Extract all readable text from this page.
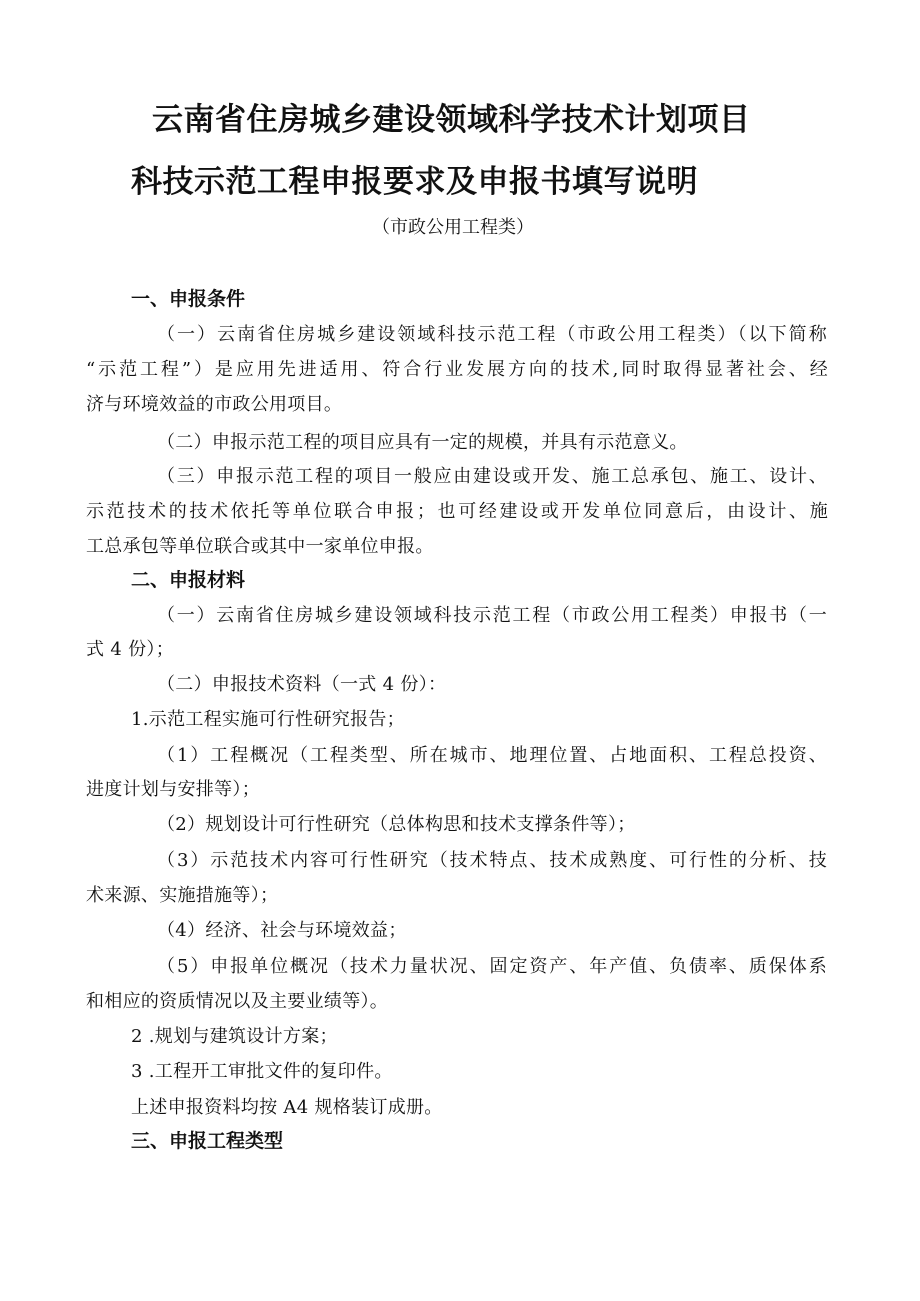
云南省住房城乡建设领域科学技术计划项目
科技示范工程申报要求及申报书填写说明
（市政公用工程类）
一、申报条件
（一）云南省住房城乡建设领域科技示范工程（市政公用工程类）（以下简称
“示范工程”）是应用先进适用、符合行业发展方向的技术,同时取得显著社会、经
济与环境效益的市政公用项目。
（二）申报示范工程的项目应具有一定的规模，并具有示范意义。
（三）申报示范工程的项目一般应由建设或开发、施工总承包、施工、设计、
示范技术的技术依托等单位联合申报；也可经建设或开发单位同意后，由设计、施
工总承包等单位联合或其中一家单位申报。
二、申报材料
（一）云南省住房城乡建设领域科技示范工程（市政公用工程类）申报书（一
式 4 份）；
（二）申报技术资料（一式 4 份）：
1.示范工程实施可行性研究报告；
（1）工程概况（工程类型、所在城市、地理位置、占地面积、工程总投资、
进度计划与安排等）；
（2）规划设计可行性研究（总体构思和技术支撑条件等）；
（3）示范技术内容可行性研究（技术特点、技术成熟度、可行性的分析、技
术来源、实施措施等）；
（4）经济、社会与环境效益；
（5）申报单位概况（技术力量状况、固定资产、年产值、负债率、质保体系
和相应的资质情况以及主要业绩等）。
2 .规划与建筑设计方案；
3 .工程开工审批文件的复印件。
上述申报资料均按 A4 规格装订成册。
三、申报工程类型
